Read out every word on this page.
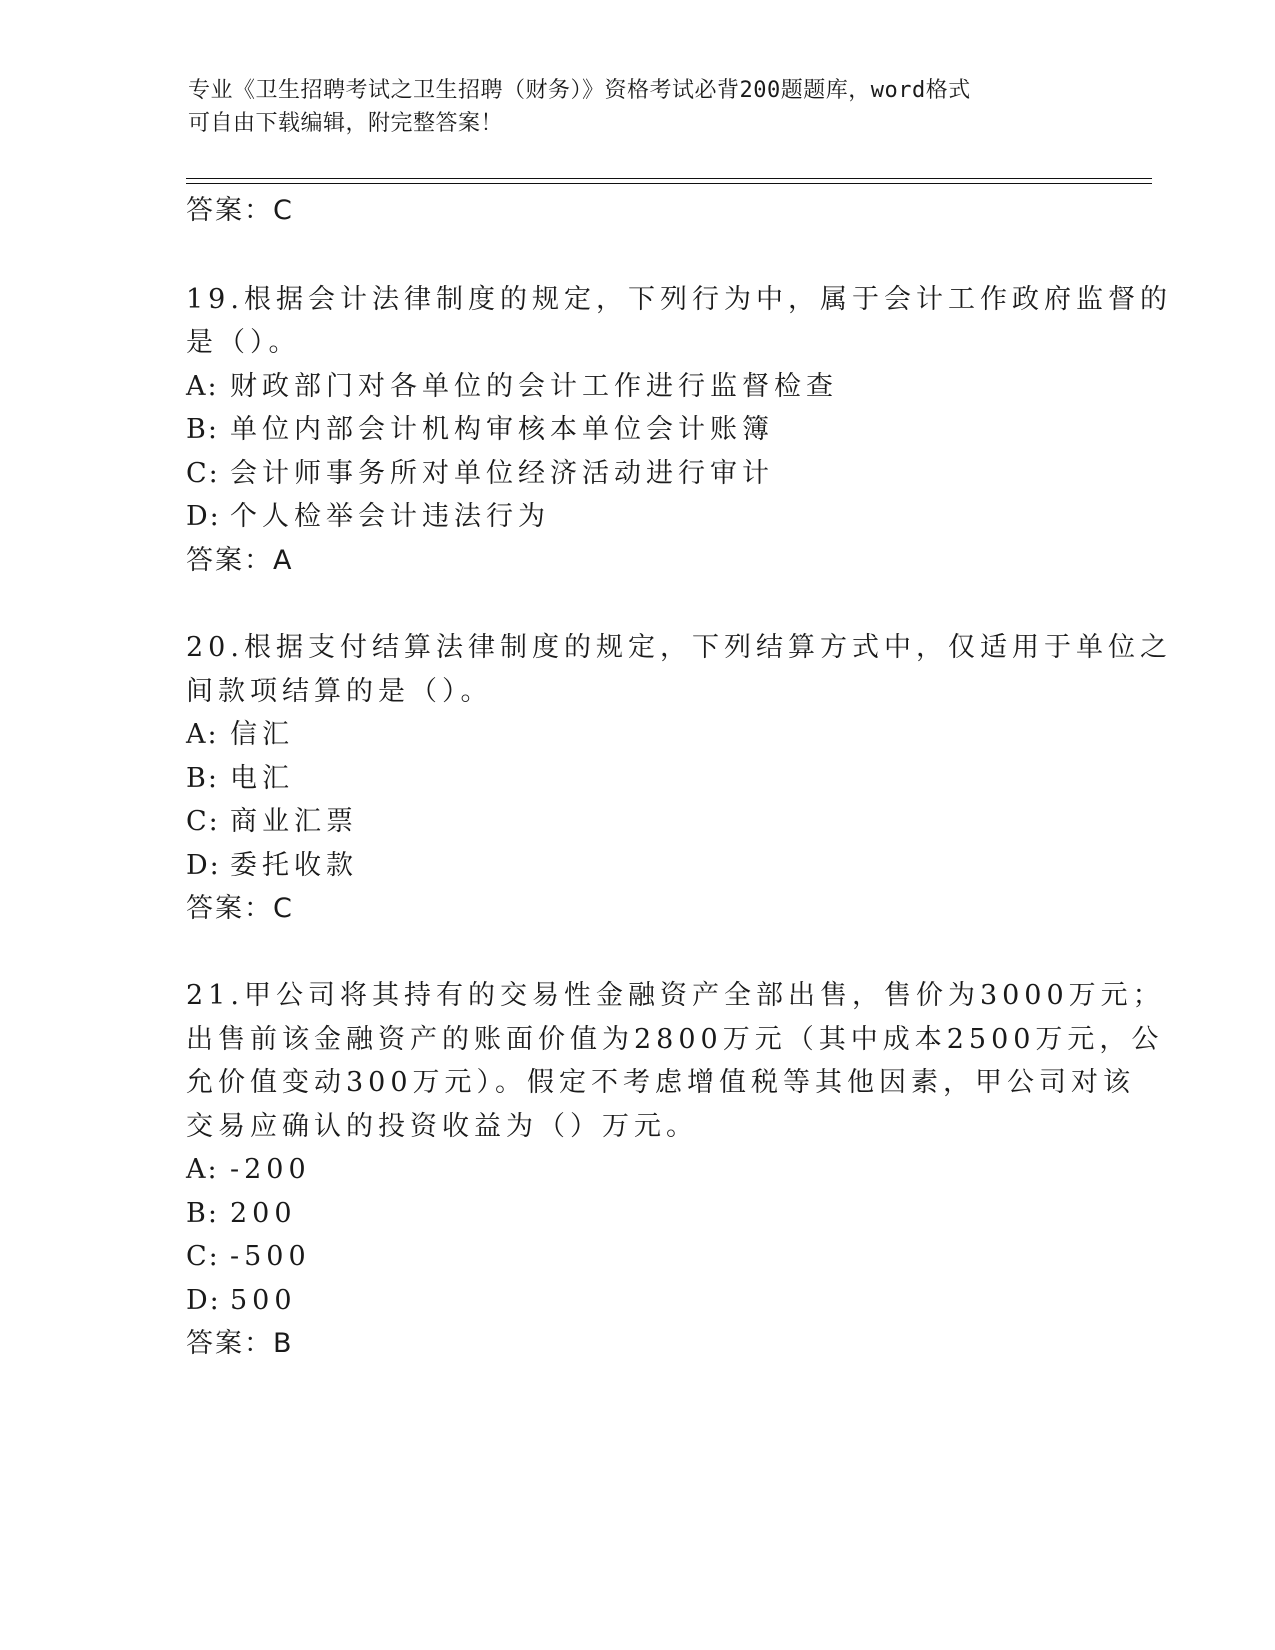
专业《卫生招聘考试之卫生招聘（财务）》资格考试必背200题题库，word格式
可自由下载编辑，附完整答案！
答案：C
19.根据会计法律制度的规定，下列行为中，属于会计工作政府监督的
是（）。
A: 财政部门对各单位的会计工作进行监督检查
B: 单位内部会计机构审核本单位会计账簿
C: 会计师事务所对单位经济活动进行审计
D: 个人检举会计违法行为
答案：A
20.根据支付结算法律制度的规定，下列结算方式中，仅适用于单位之
间款项结算的是（）。
A: 信汇
B: 电汇
C: 商业汇票
D: 委托收款
答案：C
21.甲公司将其持有的交易性金融资产全部出售，售价为3000万元；
出售前该金融资产的账面价值为2800万元（其中成本2500万元，公
允价值变动300万元）。假定不考虑增值税等其他因素，甲公司对该
交易应确认的投资收益为（）万元。
A: -200
B: 200
C: -500
D: 500
答案：B
